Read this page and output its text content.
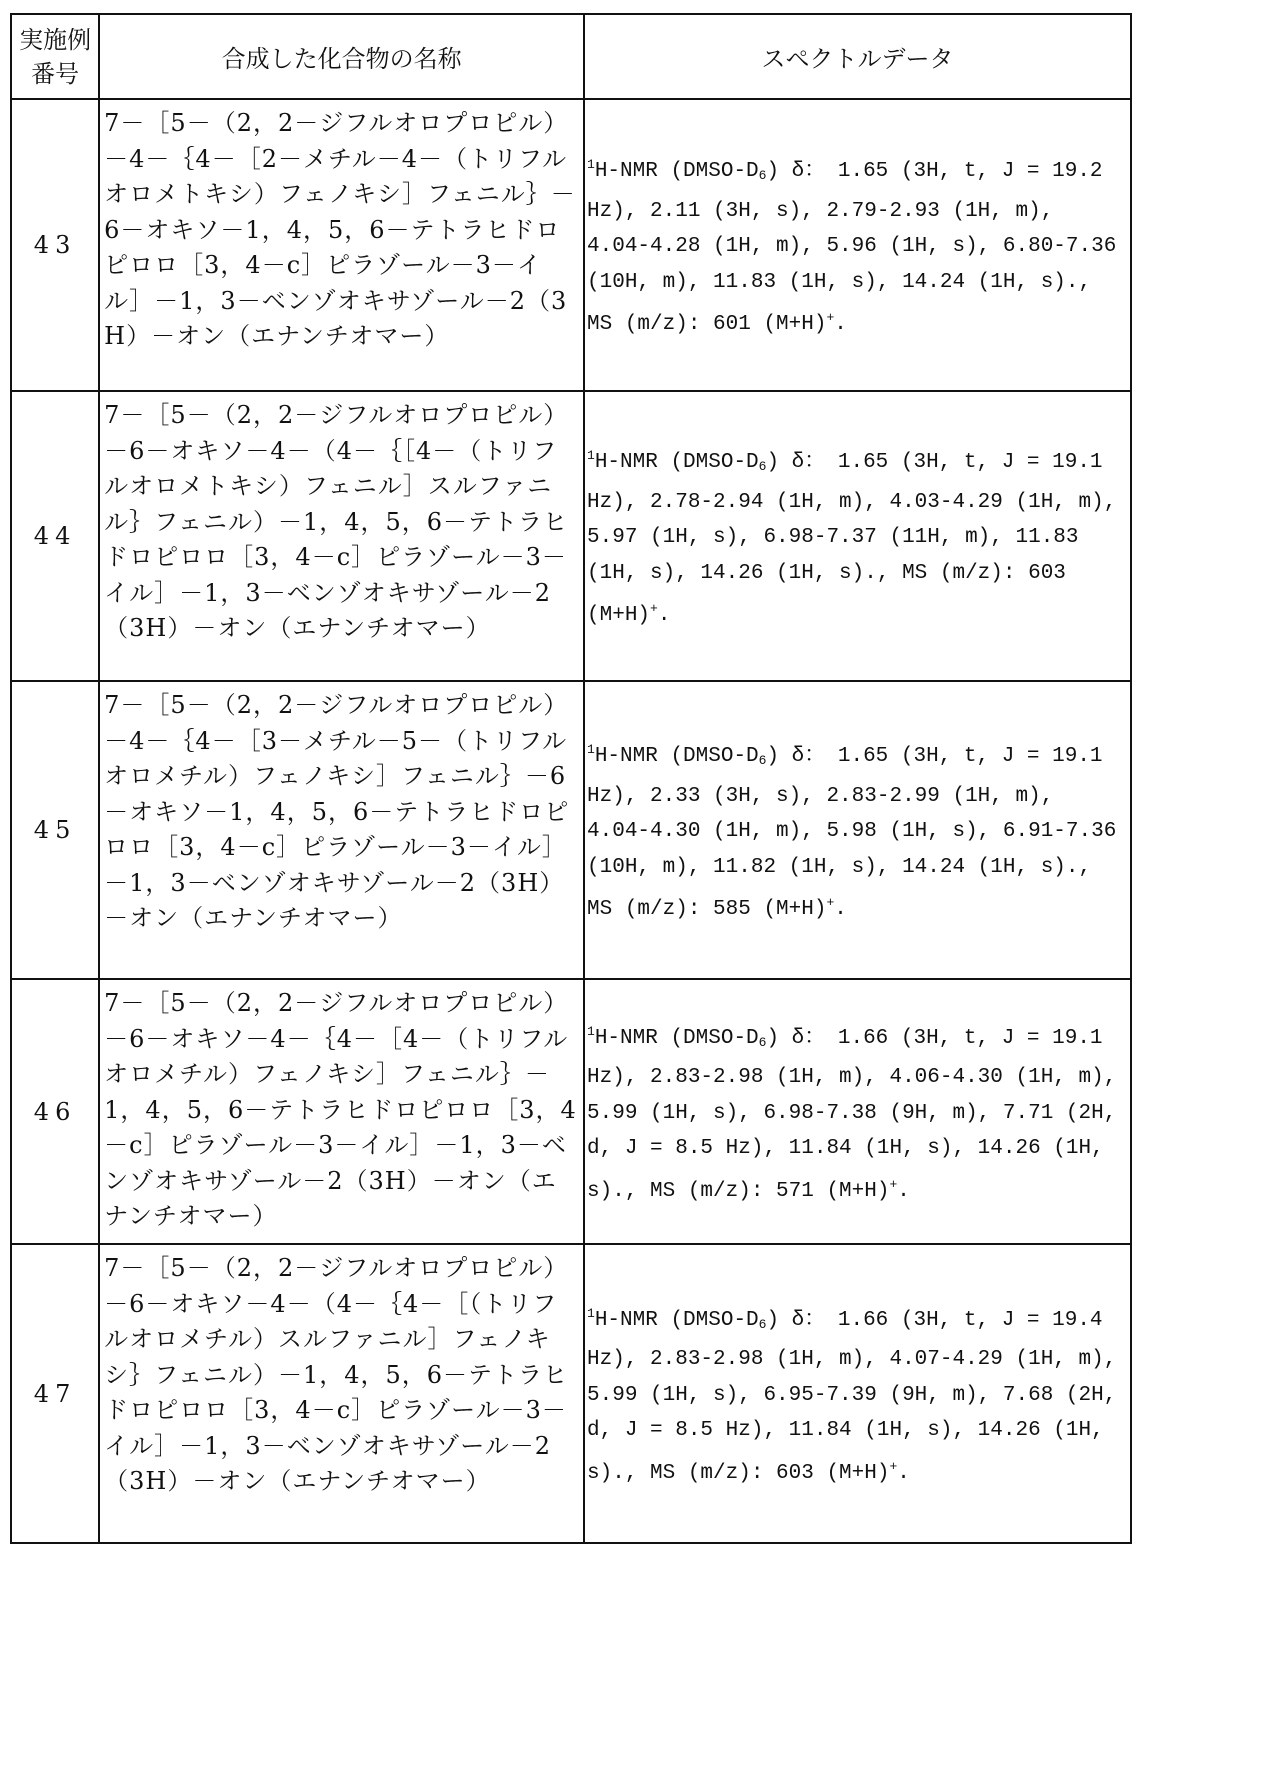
実施例
番号	合成した化合物の名称	スペクトルデータ
43	7－［5－（2，2－ジフルオロプロピル）－4－｛4－［2－メチル－4－（トリフルオロメトキシ）フェノキシ］フェニル｝－6－オキソ－1，4，5，6－テトラヒドロピロロ［3，4－c］ピラゾール－3－イル］－1，3－ベンゾオキサゾール－2（3H）－オン（エナンチオマー）	$^1$H-NMR $(DMSO-D_6)$ δ： 1.65 (3H, t, J = 19.2 Hz), 2.11 (3H, s), 2.79-2.93 (1H, m), 4.04-4.28 (1H, m), 5.96 (1H, s), 6.80-7.36 (10H, m), 11.83 (1H, s), 14.24 (1H, s)., MS (m/z): 601 (M+H)+.
44	7－［5－（2，2－ジフルオロプロピル）－6－オキソ－4－（4－｛［4－（トリフルオロメトキシ）フェニル］スルファニル｝フェニル）－1，4，5，6－テトラヒドロピロロ［3，4－c］ピラゾール－3－イル］－1，3－ベンゾオキサゾール－2（3H）－オン（エナンチオマー）	$^1$H-NMR $(DMSO-D_6)$ δ： 1.65 (3H, t, J = 19.1 Hz), 2.78-2.94 (1H, m), 4.03-4.29 (1H, m), 5.97 (1H, s), 6.98-7.37 (11H, m), 11.83 (1H, s), 14.26 (1H, s)., MS (m/z): 603 (M+H)+.
45	7－［5－（2，2－ジフルオロプロピル）－4－｛4－［3－メチル－5－（トリフルオロメチル）フェノキシ］フェニル｝－6－オキソ－1，4，5，6－テトラヒドロピロロ［3，4－c］ピラゾール－3－イル］－1，3－ベンゾオキサゾール－2（3H）－オン（エナンチオマー）	$^1$H-NMR $(DMSO-D_6)$ δ： 1.65 (3H, t, J = 19.1 Hz), 2.33 (3H, s), 2.83-2.99 (1H, m), 4.04-4.30 (1H, m), 5.98 (1H, s), 6.91-7.36 (10H, m), 11.82 (1H, s), 14.24 (1H, s)., MS (m/z): 585 (M+H)+.
46	7－［5－（2，2－ジフルオロプロピル）－6－オキソ－4－｛4－［4－（トリフルオロメチル）フェノキシ］フェニル｝－1，4，5，6－テトラヒドロピロロ［3，4－c］ピラゾール－3－イル］－1，3－ベンゾオキサゾール－2（3H）－オン（エナンチオマー）	$^1$H-NMR $(DMSO-D_6)$ δ： 1.66 (3H, t, J = 19.1 Hz), 2.83-2.98 (1H, m), 4.06-4.30 (1H, m), 5.99 (1H, s), 6.98-7.38 (9H, m), 7.71 (2H, d, J = 8.5 Hz), 11.84 (1H, s), 14.26 (1H, s)., MS (m/z): 571 (M+H)+.
47	7－［5－（2，2－ジフルオロプロピル）－6－オキソ－4－（4－｛4－［（トリフルオロメチル）スルファニル］フェノキシ｝フェニル）－1，4，5，6－テトラヒドロピロロ［3，4－c］ピラゾール－3－イル］－1，3－ベンゾオキサゾール－2（3H）－オン（エナンチオマー）	$^1$H-NMR $(DMSO-D_6)$ δ： 1.66 (3H, t, J = 19.4 Hz), 2.83-2.98 (1H, m), 4.07-4.29 (1H, m), 5.99 (1H, s), 6.95-7.39 (9H, m), 7.68 (2H, d, J = 8.5 Hz), 11.84 (1H, s), 14.26 (1H, s)., MS (m/z): 603 (M+H)+.
